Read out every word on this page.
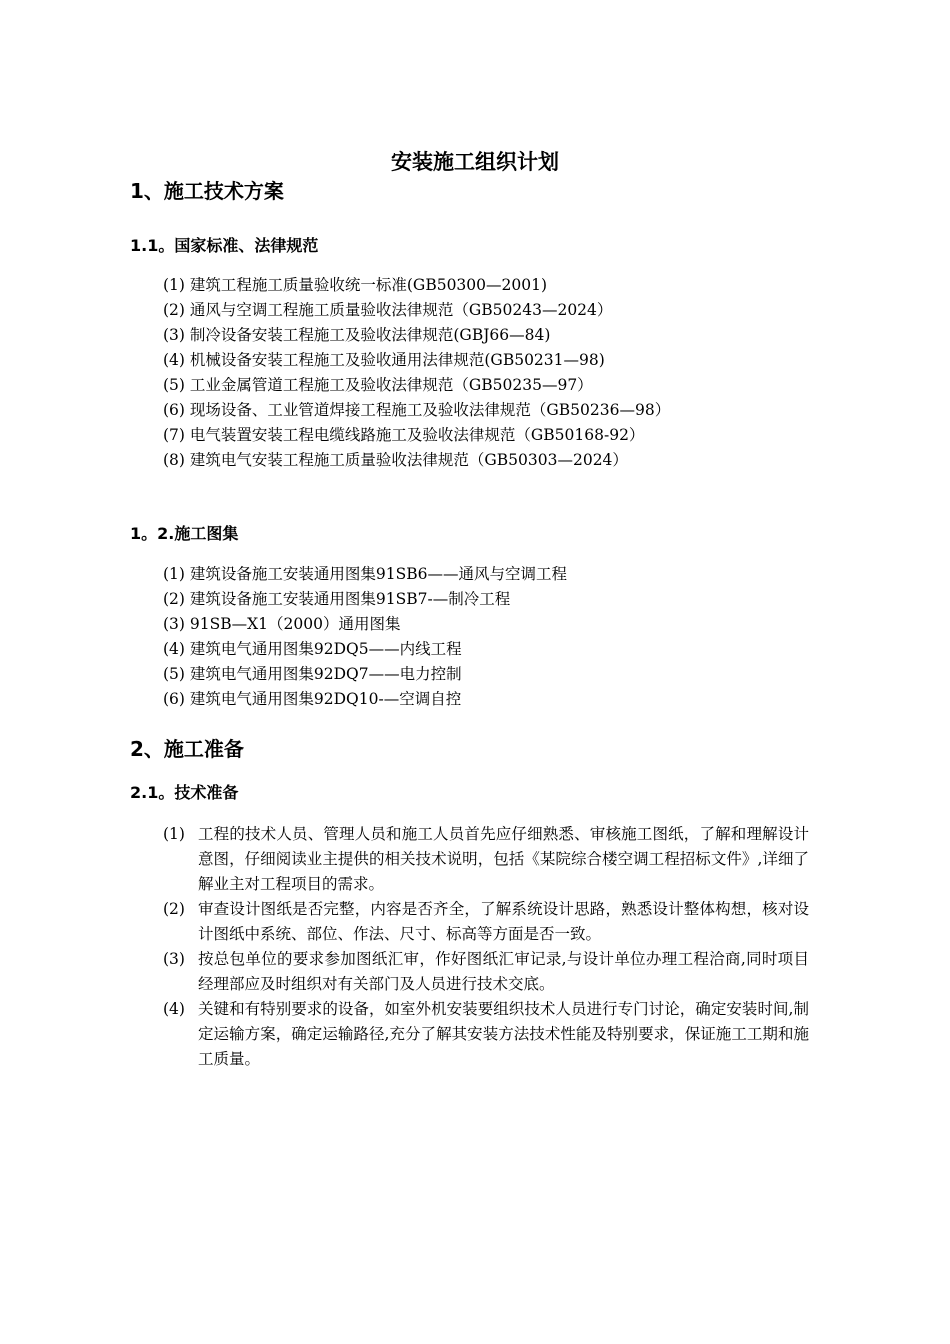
安装施工组织计划
1、施工技术方案
1.1。国家标准、法律规范
(1) 建筑工程施工质量验收统一标准(GB50300—2001)
(2) 通风与空调工程施工质量验收法律规范（GB50243—2024）
(3) 制冷设备安装工程施工及验收法律规范(GBJ66—84)
(4) 机械设备安装工程施工及验收通用法律规范(GB50231—98)
(5) 工业金属管道工程施工及验收法律规范（GB50235—97）
(6) 现场设备、工业管道焊接工程施工及验收法律规范（GB50236—98）
(7) 电气装置安装工程电缆线路施工及验收法律规范（GB50168-92）
(8) 建筑电气安装工程施工质量验收法律规范（GB50303—2024）
1。2.施工图集
(1) 建筑设备施工安装通用图集91SB6——通风与空调工程
(2) 建筑设备施工安装通用图集91SB7-—制冷工程
(3) 91SB—X1（2000）通用图集
(4) 建筑电气通用图集92DQ5——内线工程
(5) 建筑电气通用图集92DQ7——电力控制
(6) 建筑电气通用图集92DQ10-—空调自控
2、施工准备
2.1。技术准备
(1) 工程的技术人员、管理人员和施工人员首先应仔细熟悉、审核施工图纸，了解和理解设计意图，仔细阅读业主提供的相关技术说明，包括《某院综合楼空调工程招标文件》,详细了解业主对工程项目的需求。
(2) 审查设计图纸是否完整，内容是否齐全，了解系统设计思路，熟悉设计整体构想，核对设计图纸中系统、部位、作法、尺寸、标高等方面是否一致。
(3) 按总包单位的要求参加图纸汇审，作好图纸汇审记录,与设计单位办理工程洽商,同时项目经理部应及时组织对有关部门及人员进行技术交底。
(4) 关键和有特别要求的设备，如室外机安装要组织技术人员进行专门讨论，确定安装时间,制定运输方案，确定运输路径,充分了解其安装方法技术性能及特别要求，保证施工工期和施工质量。
